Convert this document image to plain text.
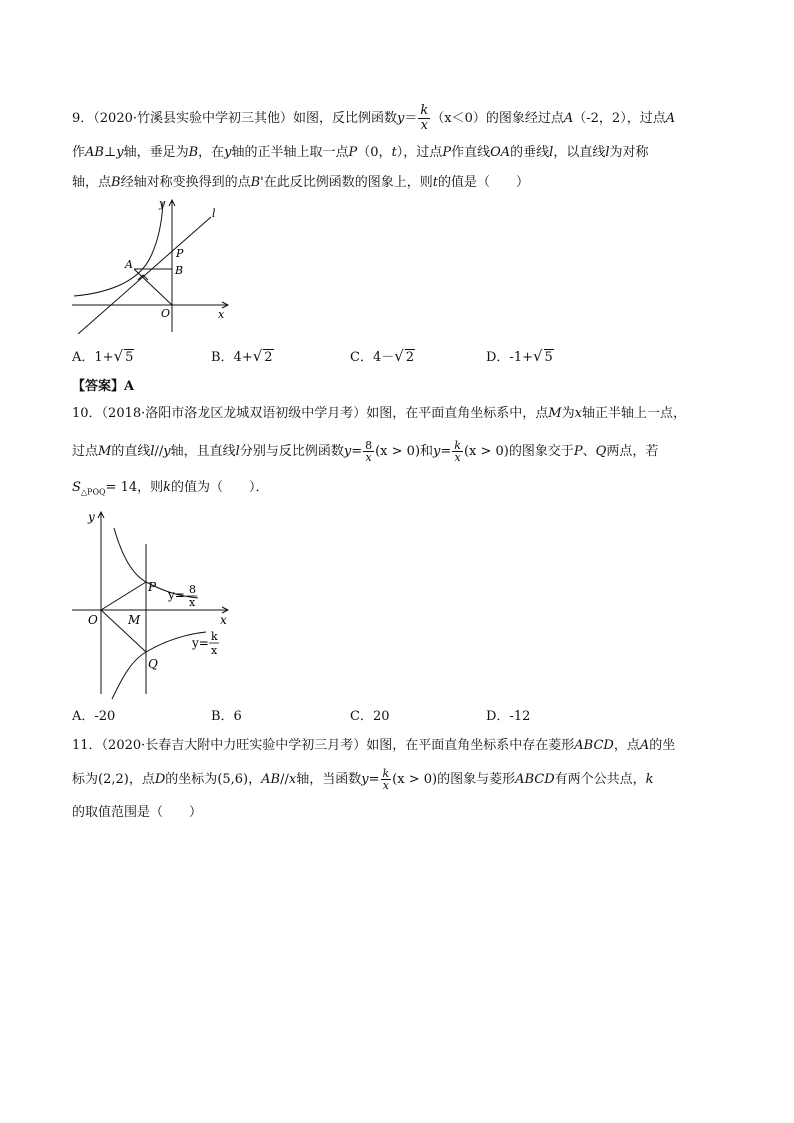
9．（2020·竹溪县实验中学初三其他）如图，反比例函数$y= \frac{k}{x} (x<0)$的图象经过点A（-2，2），过点A
作AB⊥y轴，垂足为B，在y轴的正半轴上取一点P（0，t），过点P作直线OA的垂线l，以直线l为对称
轴，点B经轴对称变换得到的点B'在此反比例函数的图象上，则t的值是（　　）
y
l
P
A	B
O	x
A．1+√ 5	B．4+√ 2	C．4－√ 2	D．-1+√ 5
【答案】A
10．（2018·洛阳市洛龙区龙城双语初级中学月考）如图，在平面直角坐标系中，点M为x轴正半轴上一点，
过点M的直线l//y轴，且直线l分别与反比例函数$y= \frac{8}{x} (x > 0)$和$y= \frac{k}{x} (x > 0)$的图象交于P、Q两点，若
$S_{\triangle POQ}= 14$，则k的值为（　　）．
y
P
y= 8
x
O	M	x
y= k
x
Q
A．-20	B．6	C．20	D．-12
11．（2020·长春吉大附中力旺实验中学初三月考）如图，在平面直角坐标系中存在菱形ABCD，点A的坐
标为(2,2)，点D的坐标为(5,6)，AB//x轴，当函数$y= \frac{k}{x} (x > 0)$的图象与菱形ABCD有两个公共点，k
的取值范围是（　　）
